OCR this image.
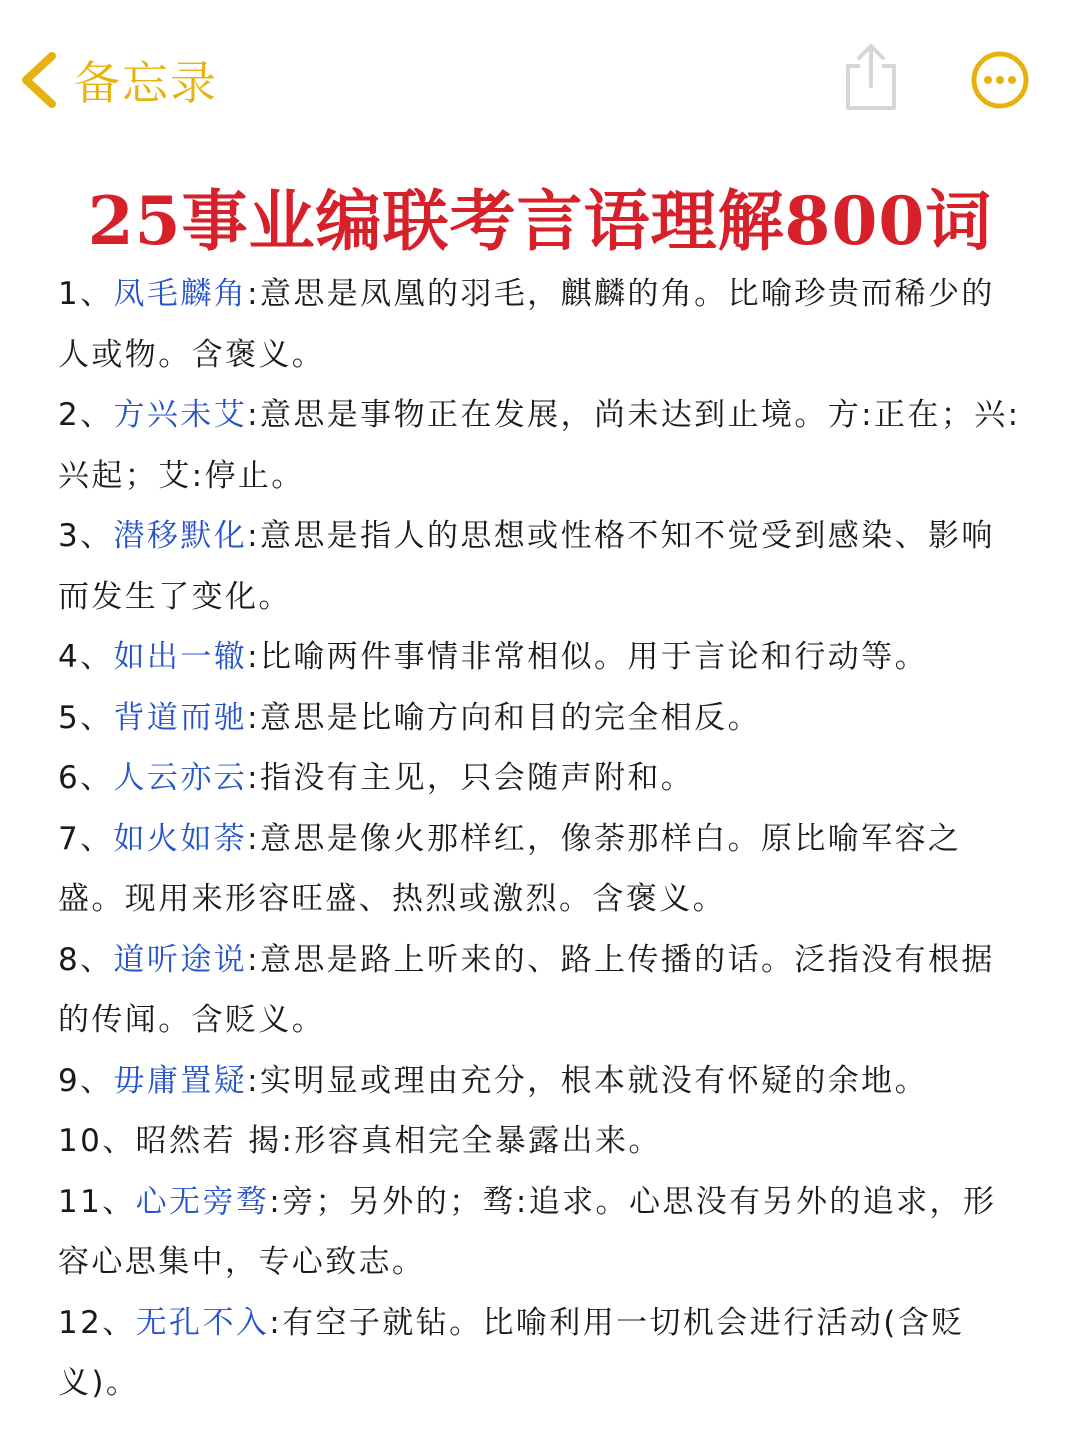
备忘录
25事业编联考言语理解800词

1、凤毛麟角:意思是凤凰的羽毛，麒麟的角。比喻珍贵而稀少的人或物。含褒义。

2、方兴未艾:意思是事物正在发展，尚未达到止境。方:正在；兴:兴起；艾:停止。

3、潜移默化:意思是指人的思想或性格不知不觉受到感染、影响而发生了变化。

4、如出一辙:比喻两件事情非常相似。用于言论和行动等。

5、背道而驰:意思是比喻方向和目的完全相反。

6、人云亦云:指没有主见，只会随声附和。

7、如火如荼:意思是像火那样红，像荼那样白。原比喻军容之盛。现用来形容旺盛、热烈或激烈。含褒义。

8、道听途说:意思是路上听来的、路上传播的话。泛指没有根据的传闻。含贬义。

9、毋庸置疑:实明显或理由充分，根本就没有怀疑的余地。

10、昭然若 揭:形容真相完全暴露出来。

11、心无旁骛:旁；另外的；骛:追求。心思没有另外的追求，形容心思集中，专心致志。

12、无孔不入:有空子就钻。比喻利用一切机会进行活动(含贬义)。
